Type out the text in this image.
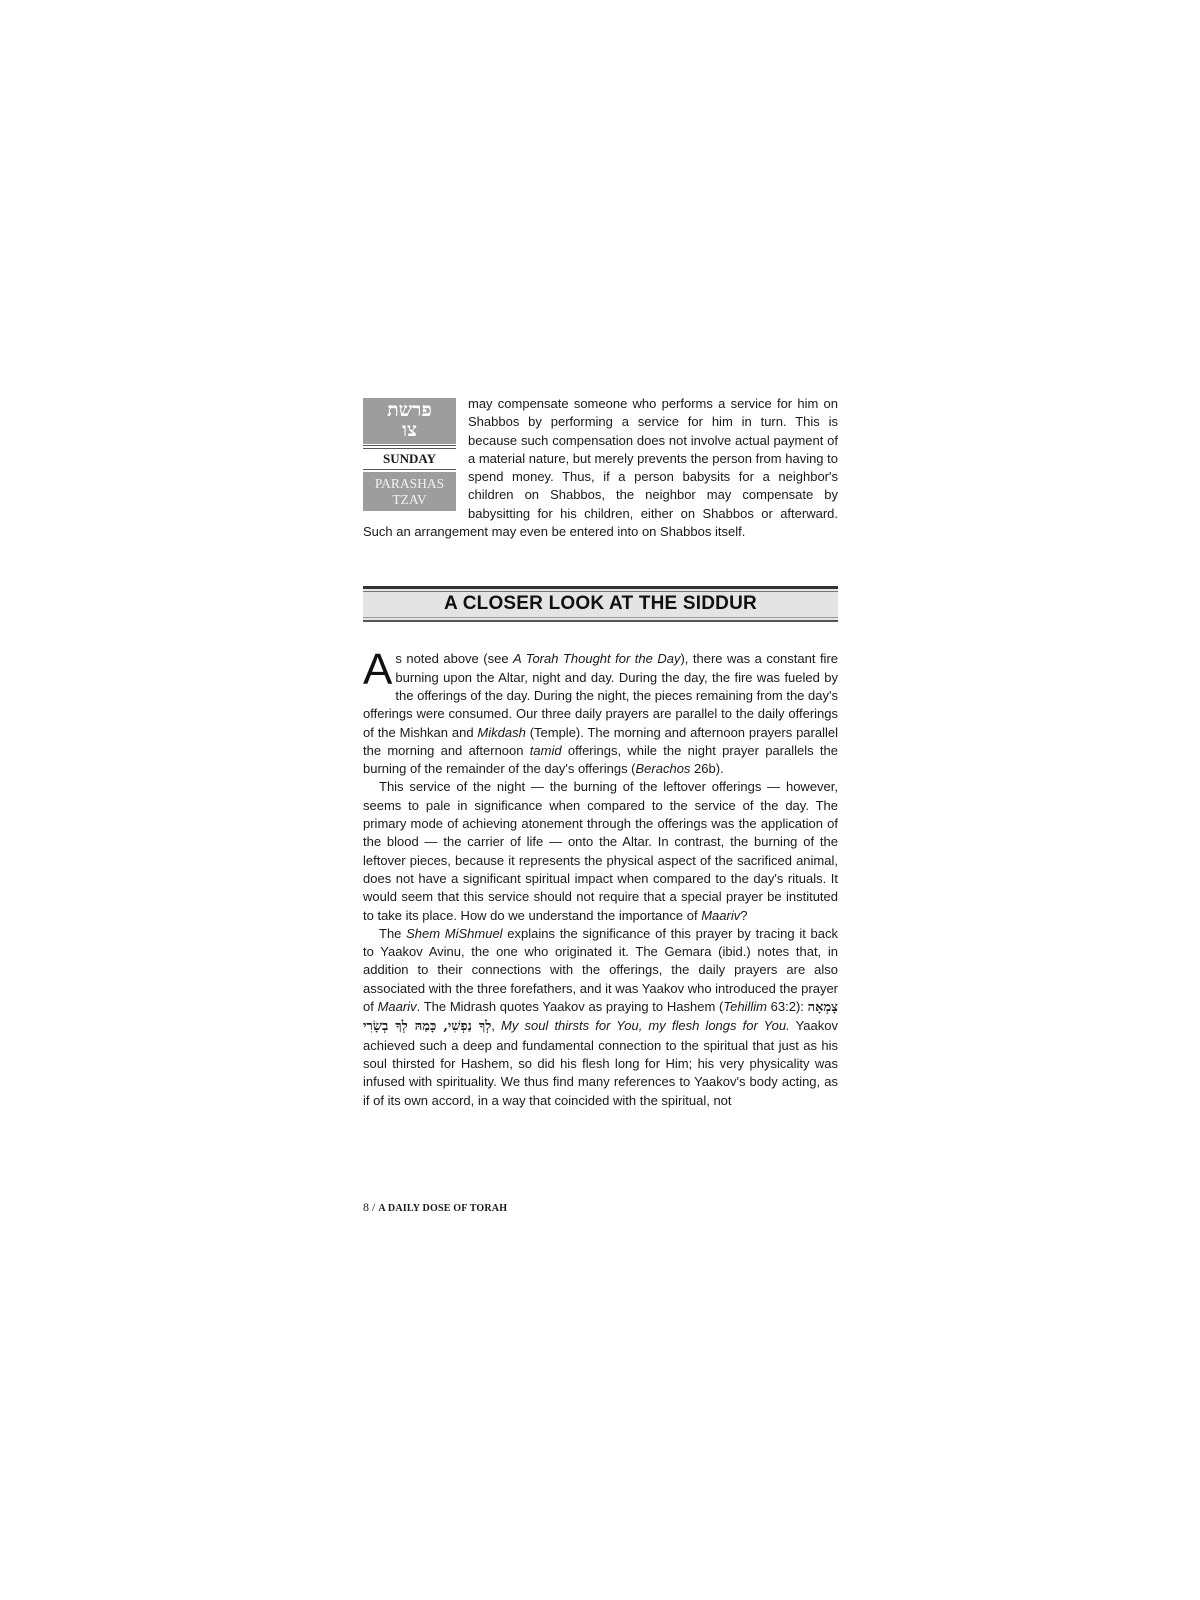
פרשת
צו
SUNDAY
PARASHAS
TZAV

may compensate someone who performs a service for him on Shabbos by performing a service for him in turn. This is because such compensation does not involve actual payment of a material nature, but merely prevents the person from having to spend money. Thus, if a person babysits for a neighbor's children on Shabbos, the neighbor may compensate by babysitting for his children, either on Shabbos or afterward. Such an arrangement may even be entered into on Shabbos itself.

A CLOSER LOOK AT THE SIDDUR

As noted above (see A Torah Thought for the Day), there was a constant fire burning upon the Altar, night and day. During the day, the fire was fueled by the offerings of the day. During the night, the pieces remaining from the day's offerings were consumed. Our three daily prayers are parallel to the daily offerings of the Mishkan and Mikdash (Temple). The morning and afternoon prayers parallel the morning and afternoon tamid offerings, while the night prayer parallels the burning of the remainder of the day's offerings (Berachos 26b).

This service of the night — the burning of the leftover offerings — however, seems to pale in significance when compared to the service of the day. The primary mode of achieving atonement through the offerings was the application of the blood — the carrier of life — onto the Altar. In contrast, the burning of the leftover pieces, because it represents the physical aspect of the sacrificed animal, does not have a significant spiritual impact when compared to the day's rituals. It would seem that this service should not require that a special prayer be instituted to take its place. How do we understand the importance of Maariv?

The Shem MiShmuel explains the significance of this prayer by tracing it back to Yaakov Avinu, the one who originated it. The Gemara (ibid.) notes that, in addition to their connections with the offerings, the daily prayers are also associated with the three forefathers, and it was Yaakov who introduced the prayer of Maariv. The Midrash quotes Yaakov as praying to Hashem (Tehillim 63:2): צָמְאָה לְךָ נַפְשִׁי, כָּמַהּ לְךָ בְשָׂרִי, My soul thirsts for You, my flesh longs for You. Yaakov achieved such a deep and fundamental connection to the spiritual that just as his soul thirsted for Hashem, so did his flesh long for Him; his very physicality was infused with spirituality. We thus find many references to Yaakov's body acting, as if of its own accord, in a way that coincided with the spiritual, not

8 / A DAILY DOSE OF TORAH
